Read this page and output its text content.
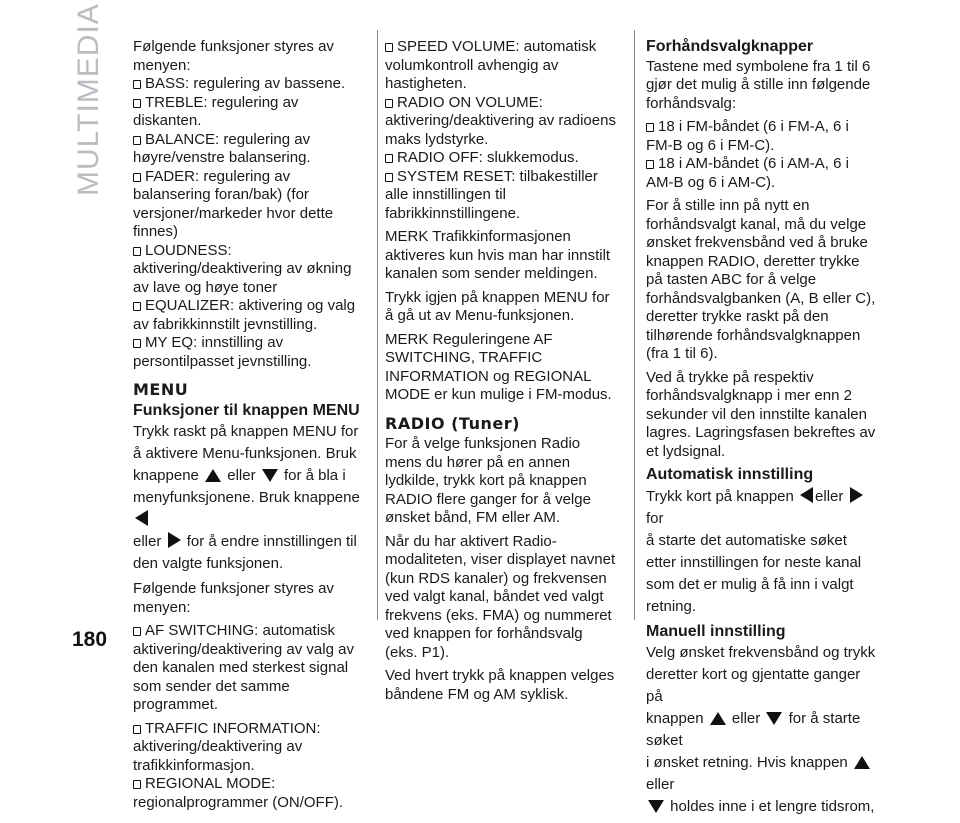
MULTIMEDIA
180
Følgende funksjoner styres av menyen:
BASS: regulering av bassene.
TREBLE: regulering av diskanten.
BALANCE: regulering av høyre/venstre balansering.
FADER: regulering av balansering foran/bak) (for versjoner/markeder hvor dette finnes)
LOUDNESS: aktivering/deaktivering av økning av lave og høye toner
EQUALIZER: aktivering og valg av fabrikkinnstilt jevnstilling.
MY EQ: innstilling av persontilpasset jevnstilling.
MENU
Funksjoner til knappen MENU

Trykk raskt på knappen MENU for å aktivere Menu-funksjonen. Bruk
knappene eller for å bla i
menyfunksjonene. Bruk knappene
eller for å endre innstillingen til den valgte funksjonen.

Følgende funksjoner styres av menyen:

AF SWITCHING: automatisk aktivering/deaktivering av valg av den kanalen med sterkest signal som sender det samme programmet.
TRAFFIC INFORMATION: aktivering/deaktivering av trafikkinformasjon.
REGIONAL MODE: regionalprogrammer (ON/OFF).
SPEED VOLUME: automatisk volumkontroll avhengig av hastigheten.
RADIO ON VOLUME: aktivering/deaktivering av radioens maks lydstyrke.
RADIO OFF: slukkemodus.
SYSTEM RESET: tilbakestiller alle innstillingen til fabrikkinnstillingene.

MERK Trafikkinformasjonen aktiveres kun hvis man har innstilt kanalen som sender meldingen.

Trykk igjen på knappen MENU for å gå ut av Menu-funksjonen.

MERK Reguleringene AF SWITCHING, TRAFFIC INFORMATION og REGIONAL MODE er kun mulige i FM-modus.

RADIO (Tuner)

For å velge funksjonen Radio mens du hører på en annen lydkilde, trykk kort på knappen RADIO flere ganger for å velge ønsket bånd, FM eller AM.

Når du har aktivert Radio-modaliteten, viser displayet navnet (kun RDS kanaler) og frekvensen ved valgt kanal, båndet ved valgt frekvens (eks. FMA) og nummeret ved knappen for forhåndsvalg (eks. P1).

Ved hvert trykk på knappen velges båndene FM og AM syklisk.

Forhåndsvalgknapper

Tastene med symbolene fra 1 til 6 gjør det mulig å stille inn følgende forhåndsvalg:

18 i FM-båndet (6 i FM-A, 6 i FM-B og 6 i FM-C).
18 i AM-båndet (6 i AM-A, 6 i AM-B og 6 i AM-C).

For å stille inn på nytt en forhåndsvalgt kanal, må du velge ønsket frekvensbånd ved å bruke knappen RADIO, deretter trykke på tasten ABC for å velge forhåndsvalgbanken (A, B eller C), deretter trykke raskt på den tilhørende forhåndsvalgknappen (fra 1 til 6).

Ved å trykke på respektiv forhåndsvalgknapp i mer enn 2 sekunder vil den innstilte kanalen lagres. Lagringsfasen bekreftes av et lydsignal.

Automatisk innstilling

Trykk kort på knappen eller  for
å starte det automatiske søket etter innstillingen for neste kanal som det er mulig å få inn i valgt retning.

Manuell innstilling

Velg ønsket frekvensbånd og trykk deretter kort og gjentatte ganger på
knappen eller for å starte søket
i ønsket retning. Hvis knappen  eller
holdes inne i et lengre tidsrom,
